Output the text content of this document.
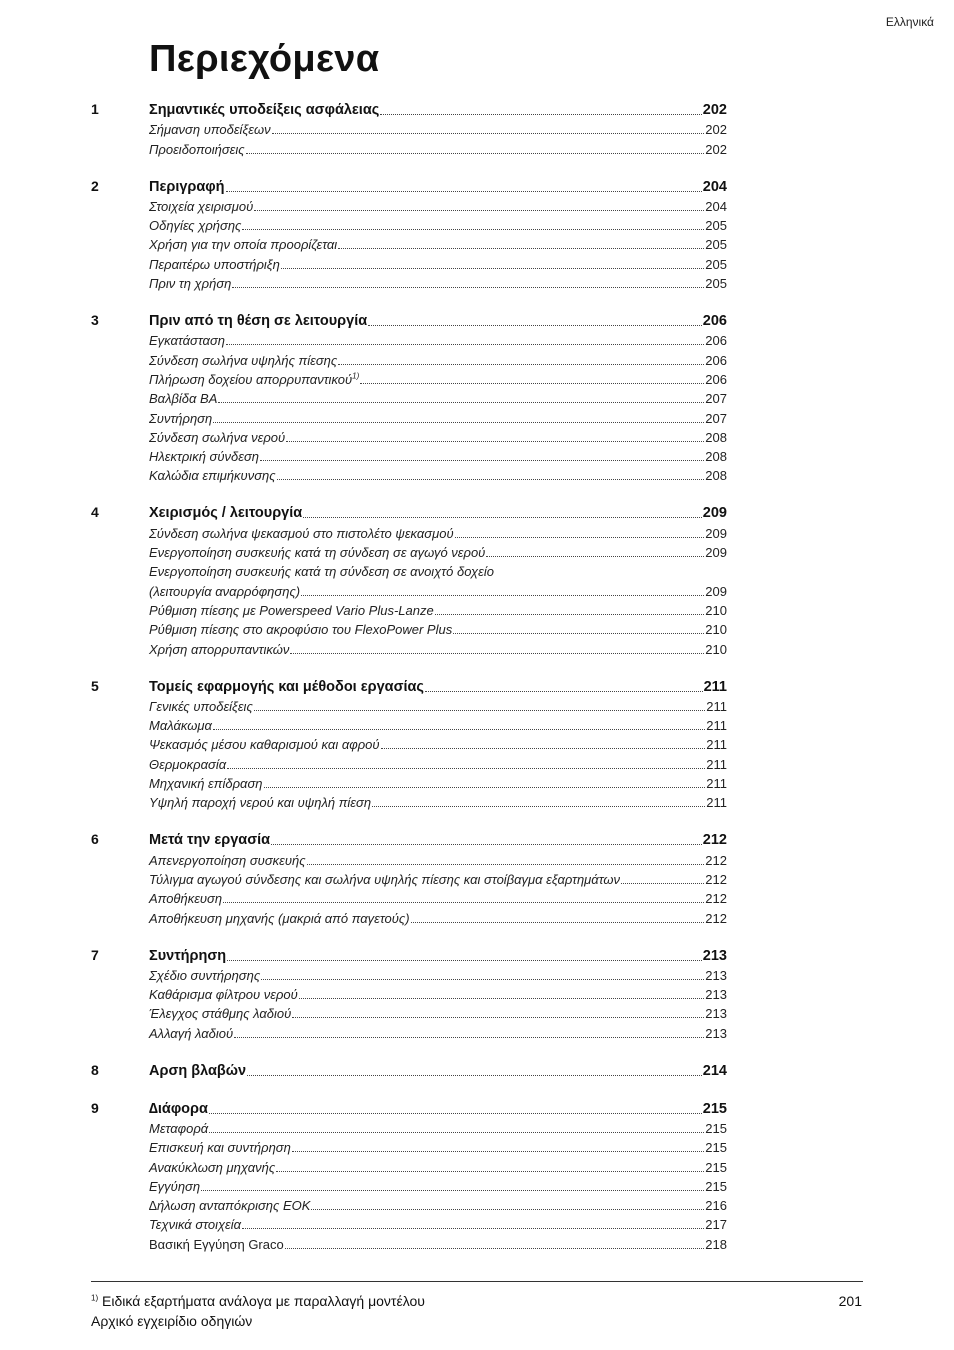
Ελληνικά
Περιεχόμενα
1	Σημαντικές υποδείξεις ασφάλειας	202
Σήμανση υποδείξεων	202
Προειδοποιήσεις	202
2	Περιγραφή	204
Στοιχεία χειρισμού	204
Οδηγίες χρήσης	205
Χρήση για την οποία προορίζεται	205
Περαιτέρω υποστήριξη	205
Πριν τη χρήση	205
3	Πριν από τη θέση σε λειτουργία	206
Εγκατάσταση	206
Σύνδεση σωλήνα υψηλής πίεσης	206
Πλήρωση δοχείου απορρυπαντικού$^{1)}$	206
Βαλβίδα BA	207
Συντήρηση	207
Σύνδεση σωλήνα νερού	208
Ηλεκτρική σύνδεση	208
Καλώδια επιμήκυνσης	208
4	Χειρισμός / λειτουργία	209
Σύνδεση σωλήνα ψεκασμού στο πιστολέτο ψεκασμού	209
Ενεργοποίηση συσκευής κατά τη σύνδεση σε αγωγό νερού	209
Ενεργοποίηση συσκευής κατά τη σύνδεση σε ανοιχτό δοχείο
(λειτουργία αναρρόφησης)	209
Ρύθμιση πίεσης με Powerspeed Vario Plus-Lanze	210
Ρύθμιση πίεσης στο ακροφύσιο του FlexoPower Plus	210
Χρήση απορρυπαντικών	210
5	Τομείς εφαρμογής και μέθοδοι εργασίας	211
Γενικές υποδείξεις	211
Μαλάκωμα	211
Ψεκασμός μέσου καθαρισμού και αφρού	211
Θερμοκρασία	211
Μηχανική επίδραση	211
Υψηλή παροχή νερού και υψηλή πίεση	211
6	Μετά την εργασία	212
Απενεργοποίηση συσκευής	212
Τύλιγμα αγωγού σύνδεσης και σωλήνα υψηλής πίεσης και στοίβαγμα εξαρτημάτων	212
Αποθήκευση	212
Αποθήκευση μηχανής (μακριά από παγετούς)	212
7	Συντήρηση	213
Σχέδιο συντήρησης	213
Καθάρισμα φίλτρου νερού	213
Έλεγχος στάθμης λαδιού	213
Αλλαγή λαδιού	213
8	Αρση βλαβών	214
9	∆ιάφορα	215
Μεταφορά	215
Επισκευή και συντήρηση	215
Ανακύκλωση μηχανής	215
Εγγύηση	215
∆ήλωση ανταπόκρισης ΕΟΚ	216
Τεχνικά στοιχεία	217
Βασική Εγγύηση Graco	218
$^{1)}$ Ειδικά εξαρτήματα ανάλογα με παραλλαγή μοντέλου
Αρχικό εγχειρίδιο οδηγιών
201
